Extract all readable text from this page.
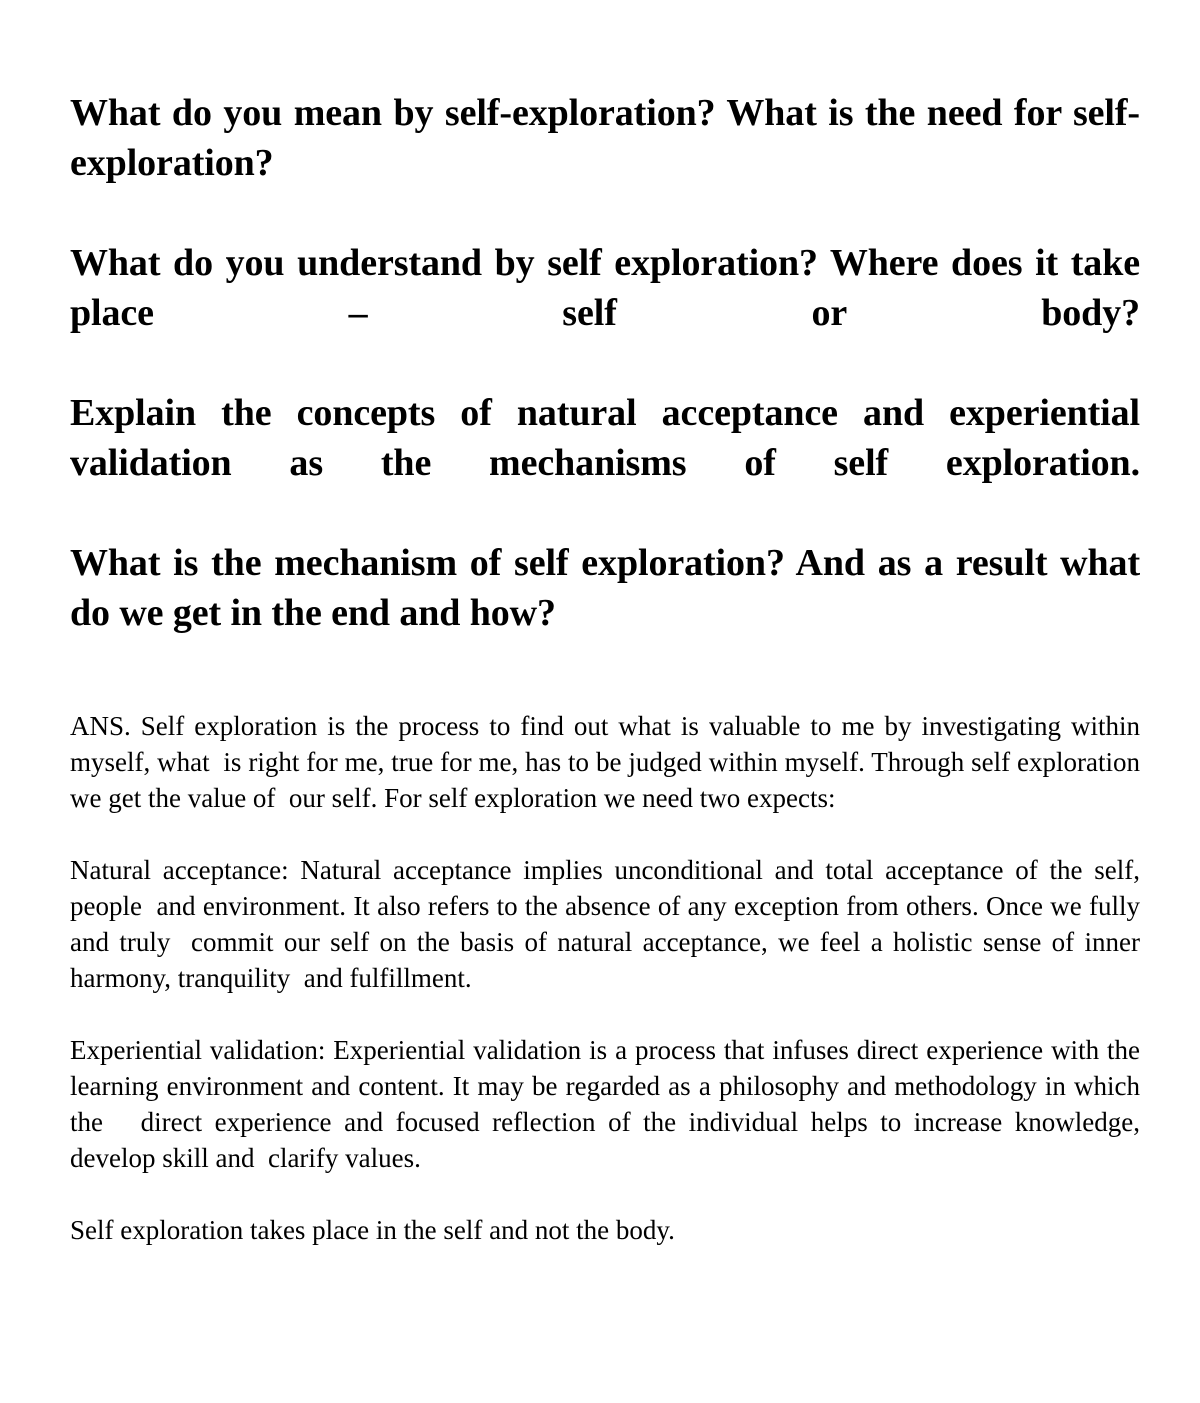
What do you mean by self-exploration? What is the need for self-exploration?

What do you understand by self exploration? Where does it take place – self or body?

Explain the concepts of natural acceptance and experiential validation as the mechanisms of self exploration.

What is the mechanism of self exploration? And as a result what do we get in the end and how?

ANS. Self exploration is the process to find out what is valuable to me by investigating within myself, what  is right for me, true for me, has to be judged within myself. Through self exploration we get the value of  our self. For self exploration we need two expects:

Natural acceptance: Natural acceptance implies unconditional and total acceptance of the self, people  and environment. It also refers to the absence of any exception from others. Once we fully and truly  commit our self on the basis of natural acceptance, we feel a holistic sense of inner harmony, tranquility  and fulfillment.

Experiential validation: Experiential validation is a process that infuses direct experience with the  learning environment and content. It may be regarded as a philosophy and methodology in which the   direct experience and focused reflection of the individual helps to increase knowledge, develop skill and  clarify values.

Self exploration takes place in the self and not the body.
